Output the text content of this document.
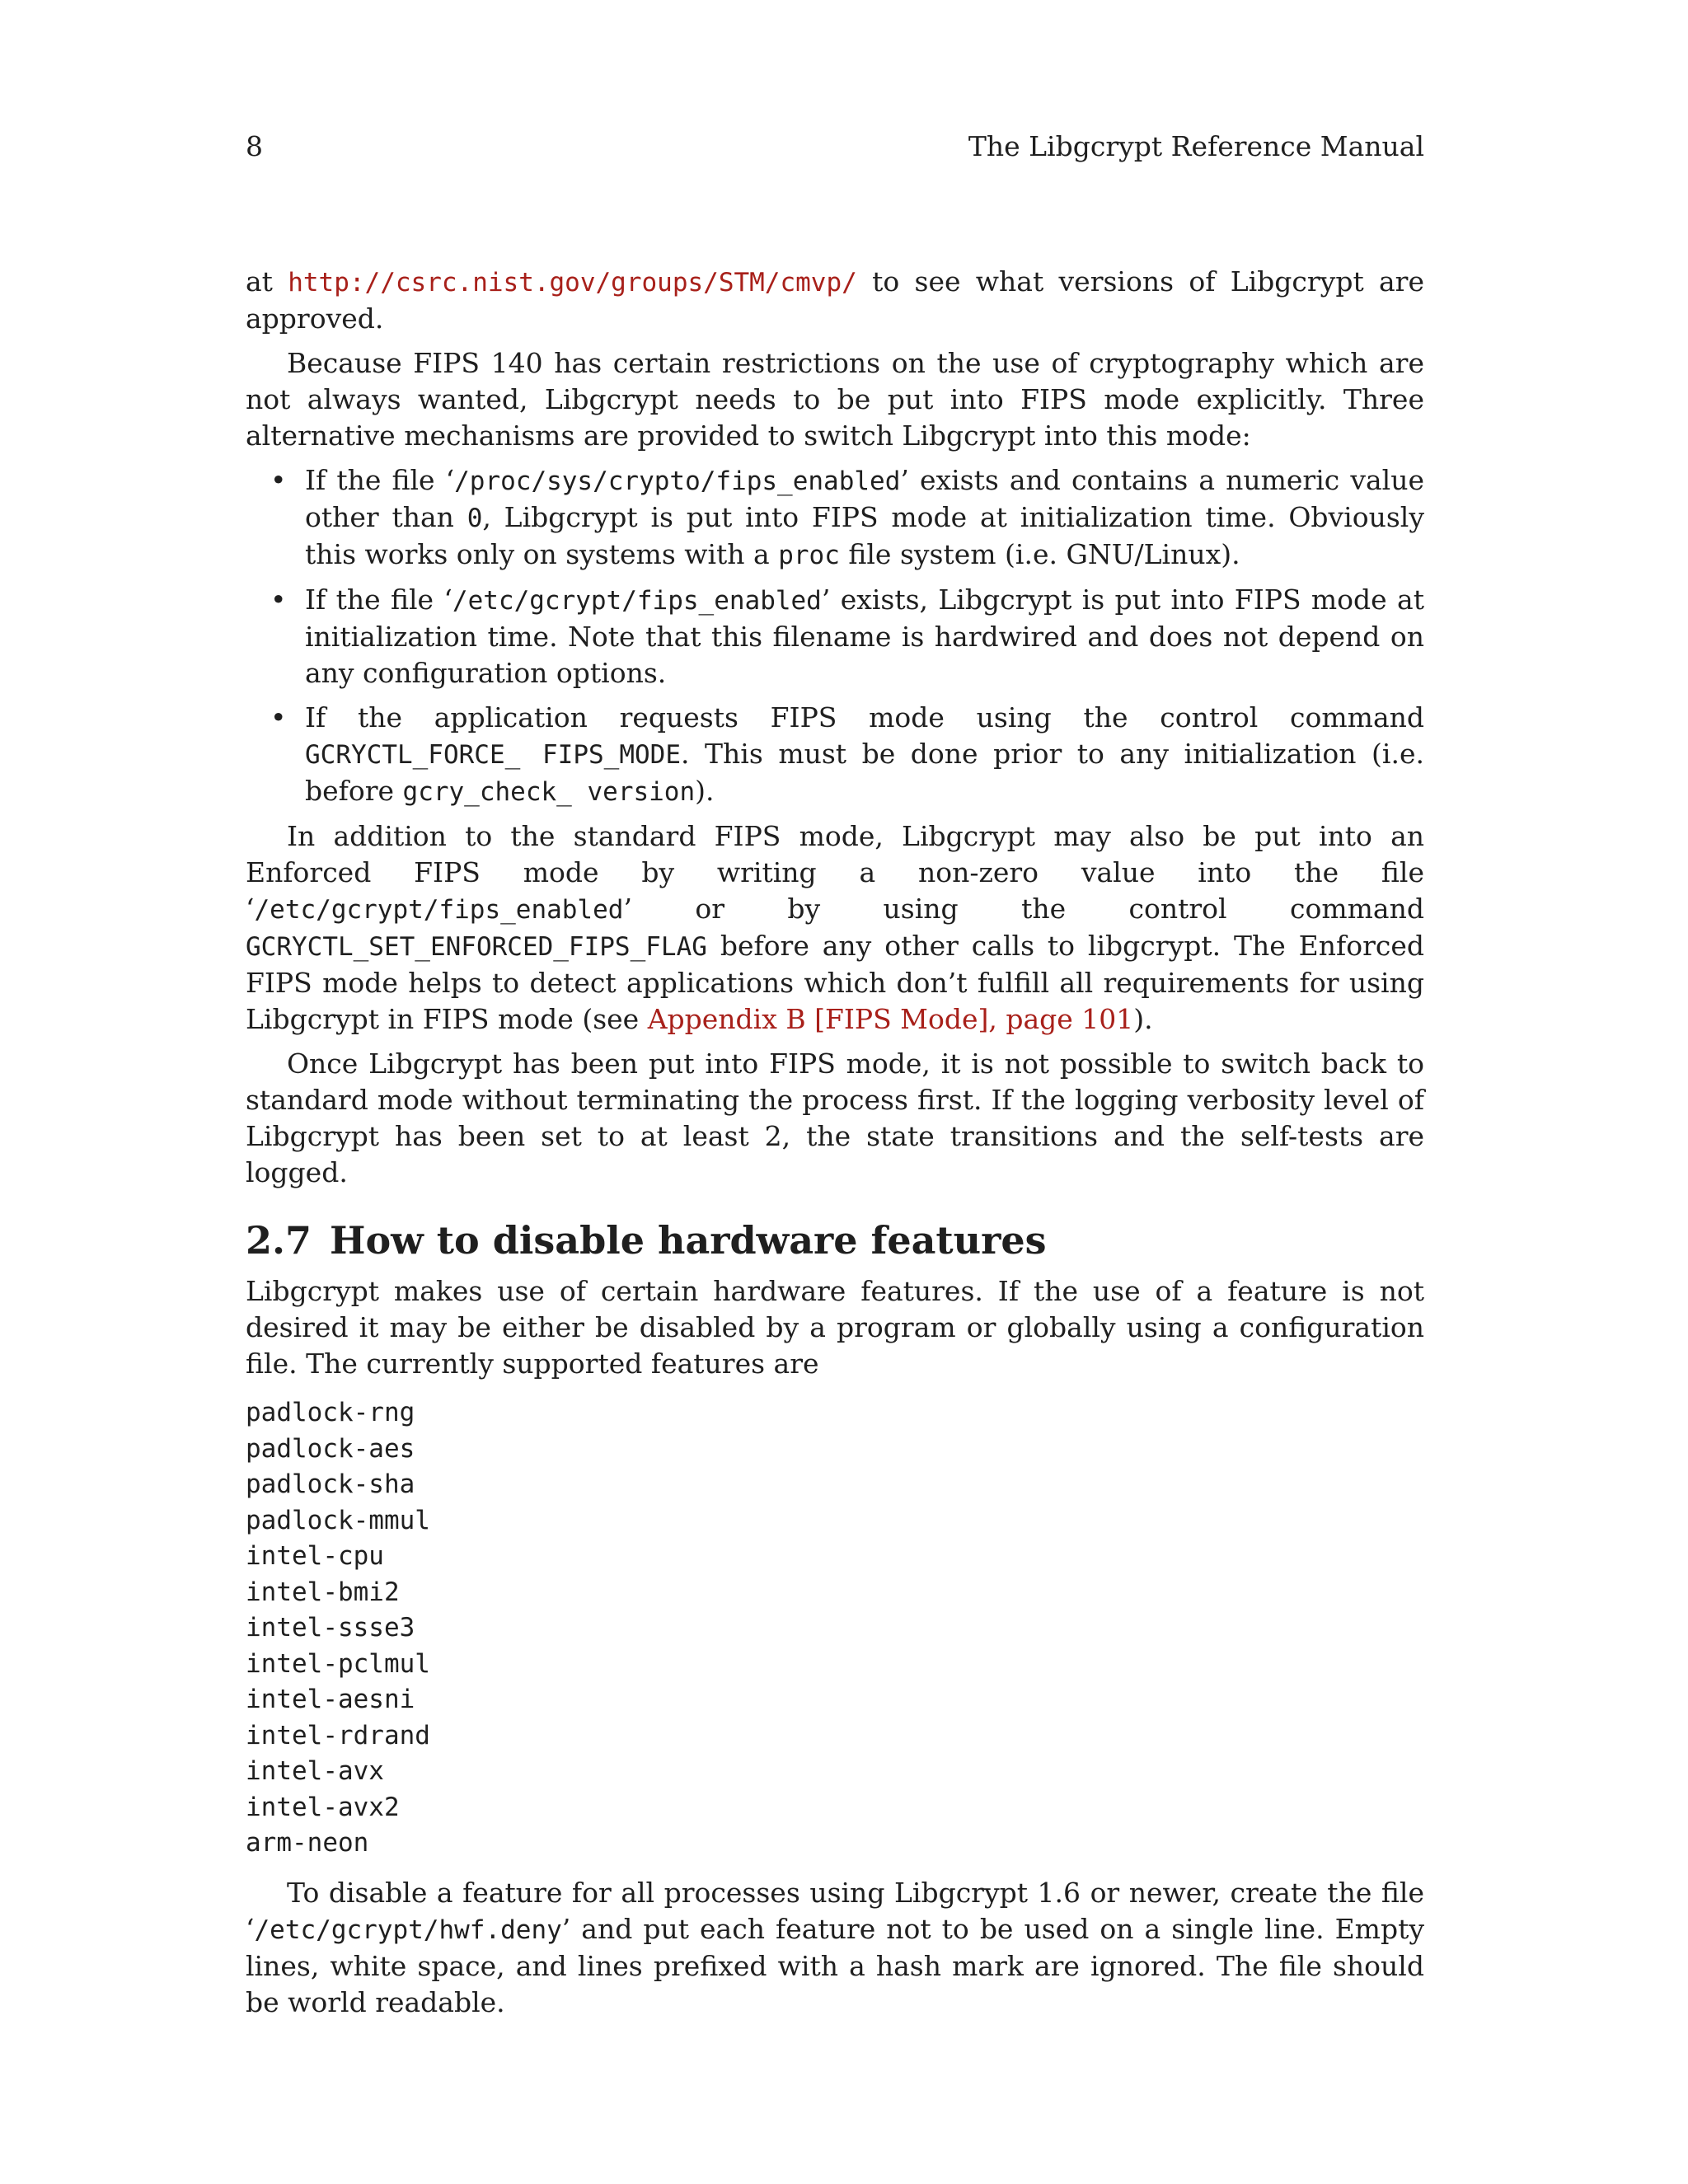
8	The Libgcrypt Reference Manual

at http://csrc.nist.gov/groups/STM/cmvp/ to see what versions of Libgcrypt are approved.

Because FIPS 140 has certain restrictions on the use of cryptography which are not always wanted, Libgcrypt needs to be put into FIPS mode explicitly. Three alternative mechanisms are provided to switch Libgcrypt into this mode:

• If the file ‘/proc/sys/crypto/fips_enabled’ exists and contains a numeric value other than 0, Libgcrypt is put into FIPS mode at initialization time. Obviously this works only on systems with a proc file system (i.e. GNU/Linux).
• If the file ‘/etc/gcrypt/fips_enabled’ exists, Libgcrypt is put into FIPS mode at initialization time. Note that this filename is hardwired and does not depend on any configuration options.
• If the application requests FIPS mode using the control command GCRYCTL_FORCE_ FIPS_MODE. This must be done prior to any initialization (i.e. before gcry_check_ version).

In addition to the standard FIPS mode, Libgcrypt may also be put into an Enforced FIPS mode by writing a non-zero value into the file ‘/etc/gcrypt/fips_enabled’ or by using the control command GCRYCTL_SET_ENFORCED_FIPS_FLAG before any other calls to libgcrypt. The Enforced FIPS mode helps to detect applications which don’t fulfill all requirements for using Libgcrypt in FIPS mode (see Appendix B [FIPS Mode], page 101).

Once Libgcrypt has been put into FIPS mode, it is not possible to switch back to standard mode without terminating the process first. If the logging verbosity level of Libgcrypt has been set to at least 2, the state transitions and the self-tests are logged.

2.7 How to disable hardware features

Libgcrypt makes use of certain hardware features. If the use of a feature is not desired it may be either be disabled by a program or globally using a configuration file. The currently supported features are

padlock-rng
padlock-aes
padlock-sha
padlock-mmul
intel-cpu
intel-bmi2
intel-ssse3
intel-pclmul
intel-aesni
intel-rdrand
intel-avx
intel-avx2
arm-neon

To disable a feature for all processes using Libgcrypt 1.6 or newer, create the file ‘/etc/gcrypt/hwf.deny’ and put each feature not to be used on a single line. Empty lines, white space, and lines prefixed with a hash mark are ignored. The file should be world readable.
